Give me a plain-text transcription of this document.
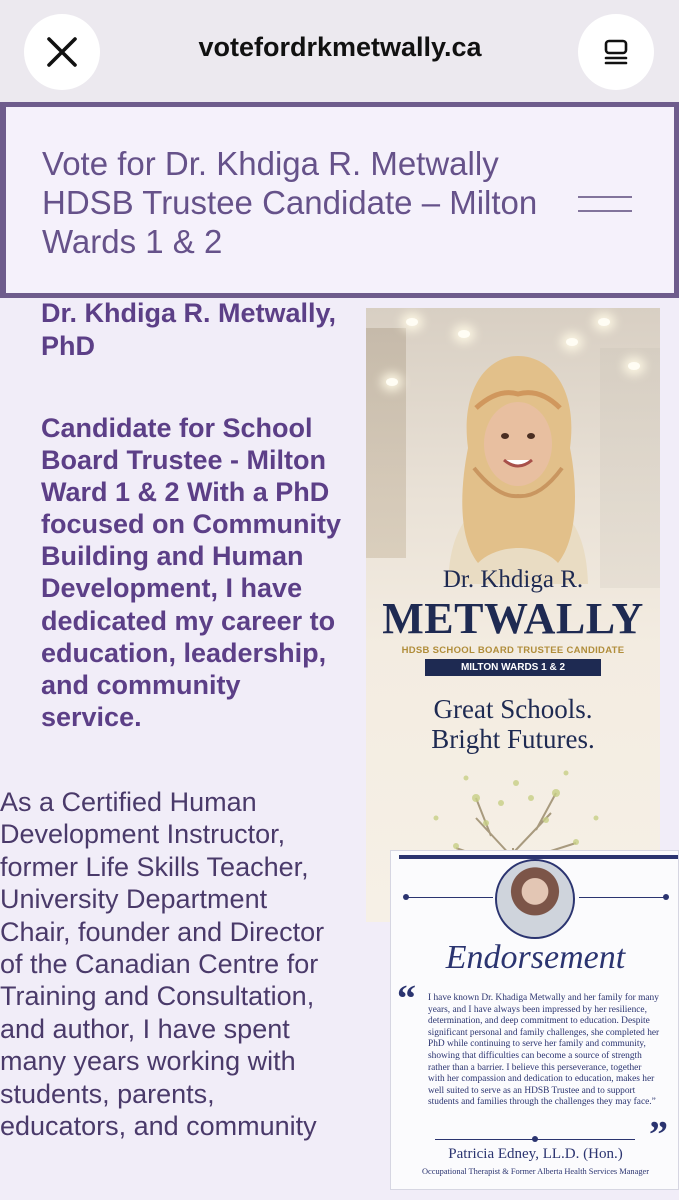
votefordrkmetwally.ca
Vote for Dr. Khdiga R. Metwally HDSB Trustee Candidate – Milton Wards 1 & 2
Dr. Khdiga R. Metwally, PhD
Candidate for School Board Trustee - Milton Ward 1 & 2 With a PhD focused on Community Building and Human Development, I have dedicated my career to education, leadership, and community service.
As a Certified Human Development Instructor, former Life Skills Teacher, University Department Chair, founder and Director of the Canadian Centre for Training and Consultation, and author, I have spent many years working with students, parents, educators, and community
Dr. Khdiga R.
METWALLY
HDSB SCHOOL BOARD TRUSTEE CANDIDATE
MILTON WARDS 1 & 2
Great Schools.
Bright Futures.
Endorsement
“ I have known Dr. Khadiga Metwally and her family for many years, and I have always been impressed by her resilience, determination, and deep commitment to education. Despite significant personal and family challenges, she completed her PhD while continuing to serve her family and community, showing that difficulties can become a source of strength rather than a barrier. I believe this perseverance, together with her compassion and dedication to education, makes her well suited to serve as an HDSB Trustee and to support students and families through the challenges they may face.”
”
Patricia Edney, LL.D. (Hon.)
Occupational Therapist & Former Alberta Health Services Manager
